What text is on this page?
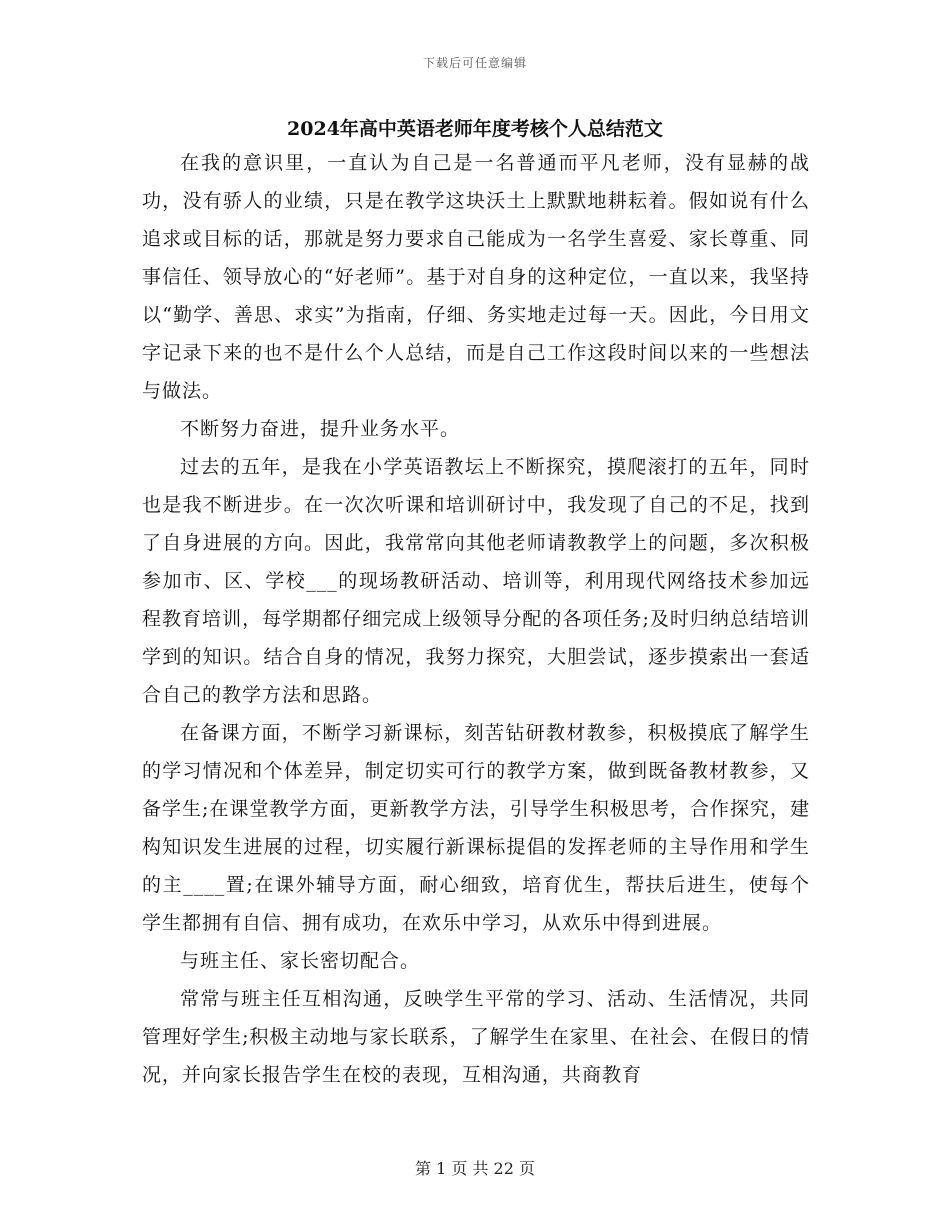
下载后可任意编辑
2024年高中英语老师年度考核个人总结范文

在我的意识里，一直认为自己是一名普通而平凡老师，没有显赫的战功，没有骄人的业绩，只是在教学这块沃土上默默地耕耘着。假如说有什么追求或目标的话，那就是努力要求自己能成为一名学生喜爱、家长尊重、同事信任、领导放心的“好老师”。基于对自身的这种定位，一直以来，我坚持以“勤学、善思、求实”为指南，仔细、务实地走过每一天。因此，今日用文字记录下来的也不是什么个人总结，而是自己工作这段时间以来的一些想法与做法。

不断努力奋进，提升业务水平。

过去的五年，是我在小学英语教坛上不断探究，摸爬滚打的五年，同时也是我不断进步。在一次次听课和培训研讨中，我发现了自己的不足，找到了自身进展的方向。因此，我常常向其他老师请教教学上的问题，多次积极参加市、区、学校___的现场教研活动、培训等，利用现代网络技术参加远程教育培训，每学期都仔细完成上级领导分配的各项任务;及时归纳总结培训学到的知识。结合自身的情况，我努力探究，大胆尝试，逐步摸索出一套适合自己的教学方法和思路。

在备课方面，不断学习新课标，刻苦钻研教材教参，积极摸底了解学生的学习情况和个体差异，制定切实可行的教学方案，做到既备教材教参，又备学生;在课堂教学方面，更新教学方法，引导学生积极思考，合作探究，建构知识发生进展的过程，切实履行新课标提倡的发挥老师的主导作用和学生的主____置;在课外辅导方面，耐心细致，培育优生，帮扶后进生，使每个学生都拥有自信、拥有成功，在欢乐中学习，从欢乐中得到进展。

与班主任、家长密切配合。

常常与班主任互相沟通，反映学生平常的学习、活动、生活情况，共同管理好学生;积极主动地与家长联系，了解学生在家里、在社会、在假日的情况，并向家长报告学生在校的表现，互相沟通，共商教育

第 1 页 共 22 页
